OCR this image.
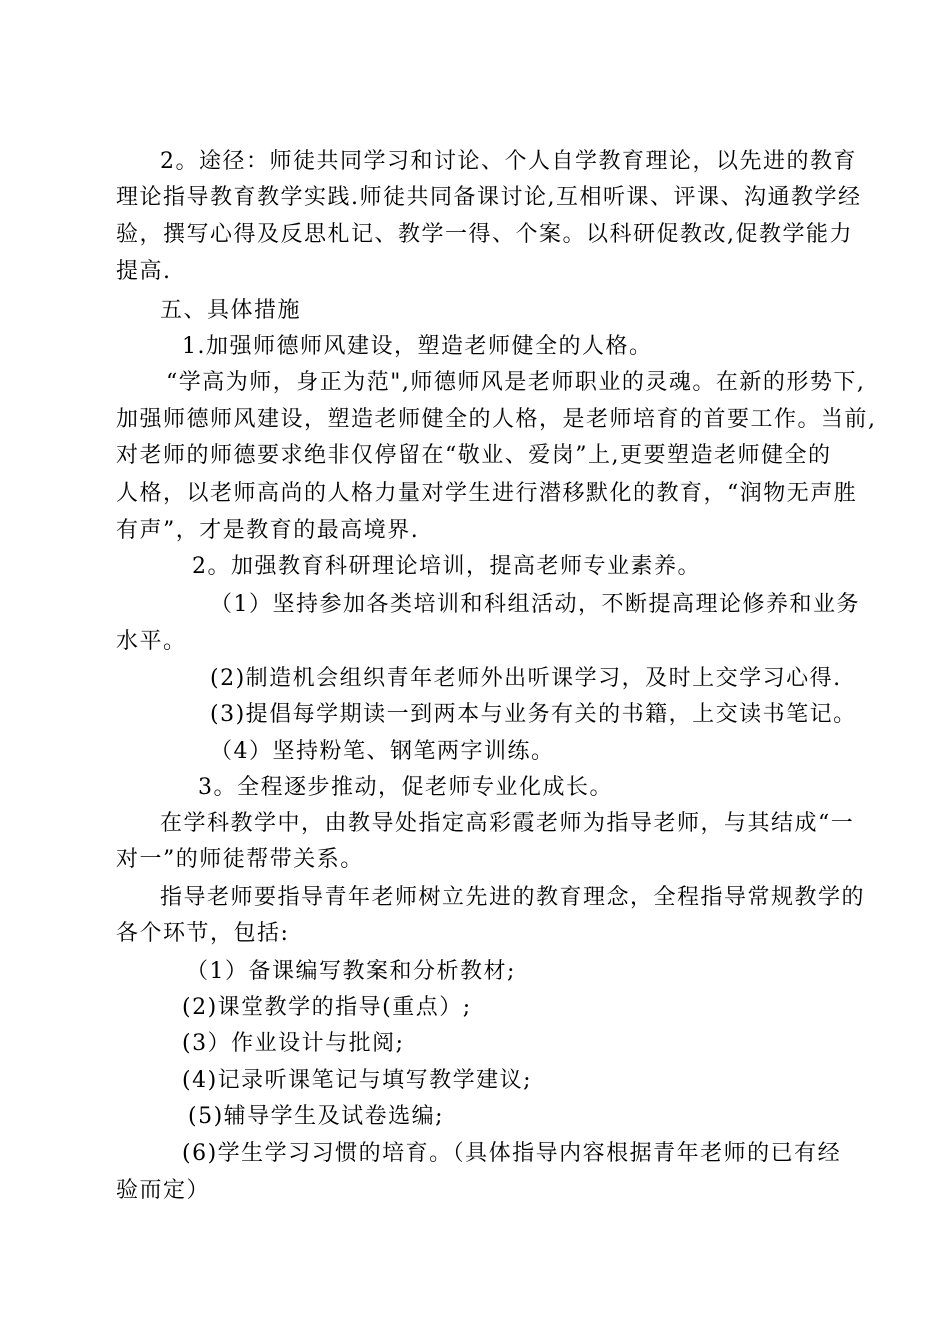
2。途径：师徒共同学习和讨论、个人自学教育理论，以先进的教育
理论指导教育教学实践.师徒共同备课讨论,互相听课、评课、沟通教学经
验，撰写心得及反思札记、教学一得、个案。以科研促教改,促教学能力
提高.
五、具体措施
1.加强师德师风建设，塑造老师健全的人格。
“学高为师，身正为范",师德师风是老师职业的灵魂。在新的形势下,
加强师德师风建设，塑造老师健全的人格，是老师培育的首要工作。当前,
对老师的师德要求绝非仅停留在“敬业、爱岗”上,更要塑造老师健全的
人格，以老师高尚的人格力量对学生进行潜移默化的教育，“润物无声胜
有声”，才是教育的最高境界.
2。加强教育科研理论培训，提高老师专业素养。
（1）坚持参加各类培训和科组活动，不断提高理论修养和业务
水平。
(2)制造机会组织青年老师外出听课学习，及时上交学习心得.
(3)提倡每学期读一到两本与业务有关的书籍，上交读书笔记。
（4）坚持粉笔、钢笔两字训练。
3。全程逐步推动，促老师专业化成长。
在学科教学中，由教导处指定高彩霞老师为指导老师，与其结成“一
对一”的师徒帮带关系。
指导老师要指导青年老师树立先进的教育理念，全程指导常规教学的
各个环节，包括:
（1）备课编写教案和分析教材;
(2)课堂教学的指导(重点）;
(3）作业设计与批阅;
(4)记录听课笔记与填写教学建议;
(5)辅导学生及试卷选编;
(6)学生学习习惯的培育。（具体指导内容根据青年老师的已有经
验而定）
